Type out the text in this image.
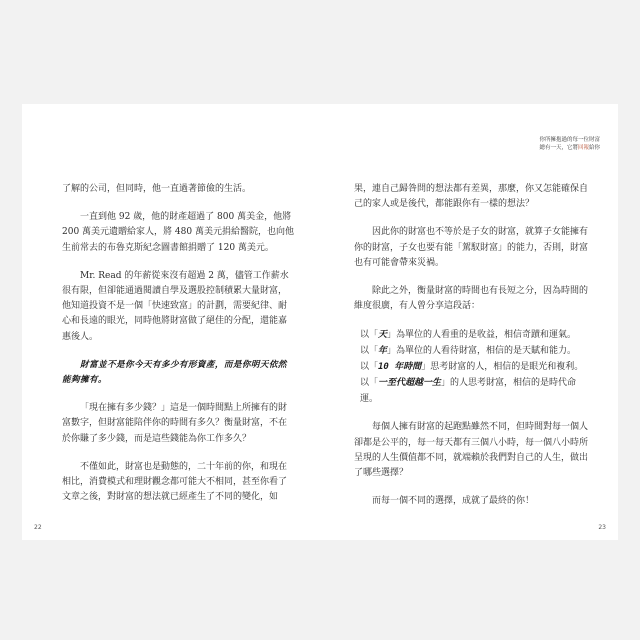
了解的公司，但同時，他一直過著節儉的生活。

一直到他 92 歲，他的財產超過了 800 萬美金，他將 200 萬美元遺贈給家人，將 480 萬美元捐給醫院，也向他生前常去的布魯克斯紀念圖書館捐贈了 120 萬美元。

Mr. Read 的年薪從來沒有超過 2 萬，儘管工作薪水很有限，但卻能通過閱讀自學及選股控制積累大量財富，他知道投資不是一個「快速致富」的計劃，需要紀律、耐心和長遠的眼光，同時他將財富做了絕佳的分配，還能嘉惠後人。

財富並不是你今天有多少有形資產，而是你明天依然能夠擁有。

「現在擁有多少錢？」這是一個時間點上所擁有的財富數字，但財富能陪伴你的時間有多久？衡量財富，不在於你賺了多少錢，而是這些錢能為你工作多久？

不僅如此，財富也是動態的，二十年前的你，和現在相比，消費模式和理財觀念都可能大不相同，甚至你看了文章之後，對財富的想法就已經產生了不同的變化，如

22
你所擁抱過的每一位財富
總有一天，它將回報給你

果，連自己歸咎問的想法都有差異，那麼，你又怎能確保自己的家人或是後代，都能跟你有一樣的想法？

因此你的財富也不等於是子女的財富，就算子女能擁有你的財富，子女也要有能「駕馭財富」的能力，否則，財富也有可能會帶來災禍。

除此之外，衡量財富的時間也有長短之分，因為時間的維度很廣，有人曾分享這段話：

以「天」為單位的人看重的是收益，相信奇蹟和運氣。
以「年」為單位的人看待財富，相信的是天賦和能力。
以「10 年時間」思考財富的人，相信的是眼光和複利。
以「一至代超越一生」的人思考財富，相信的是時代命運。

每個人擁有財富的起跑點雖然不同，但時間對每一個人卻都是公平的，每一每天都有三個八小時，每一個八小時所呈現的人生價值都不同，就端賴於我們對自己的人生，做出了哪些選擇？

而每一個不同的選擇，成就了最終的你！

23
